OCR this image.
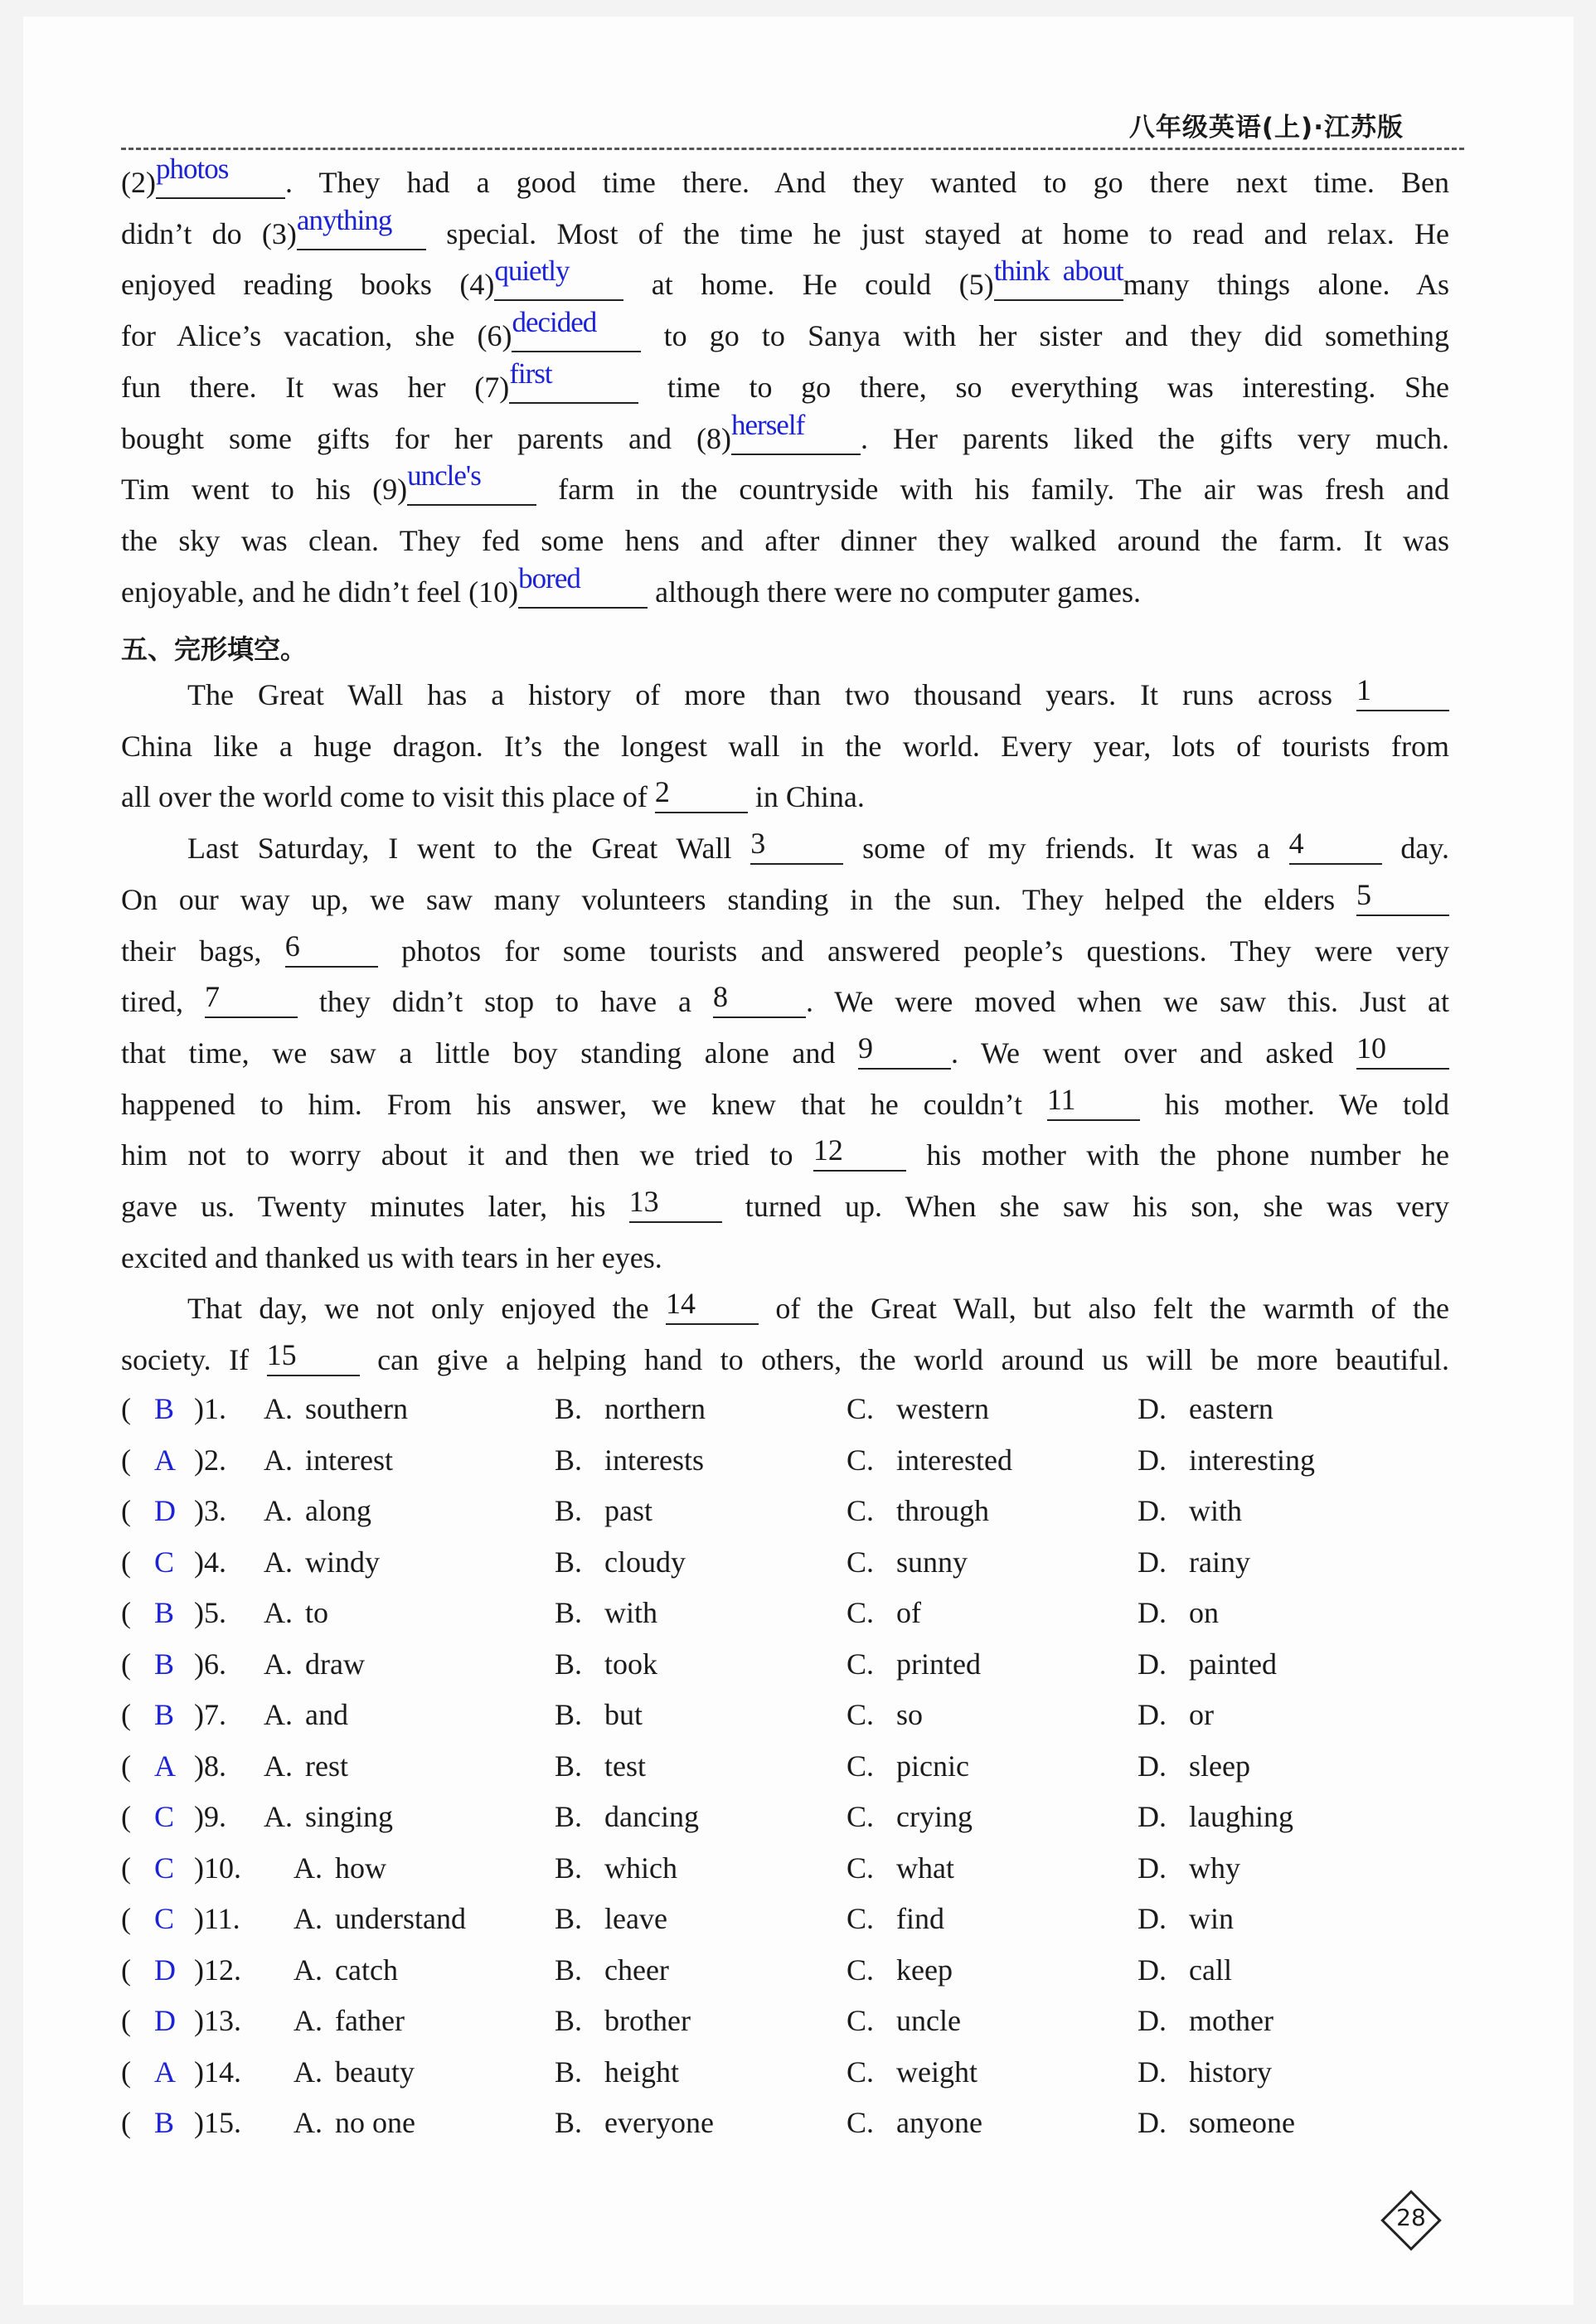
八年级英语(上)·江苏版
(2) photos	. They had a good time there. And they wanted to go there next time. Ben
didn’t do (3) anything	special. Most of the time he just stayed at home to read and relax. He
enjoyed reading books (4) quietly	at home. He could (5) think about many things alone. As
for Alice’s vacation, she (6) decided	to go to Sanya with her sister and they did something
fun there. It was her (7) first	time to go there, so everything was interesting. She
bought some gifts for her parents and (8) herself	. Her parents liked the gifts very much.
Tim went to his (9) uncle's	farm in the countryside with his family. The air was fresh and
the sky was clean. They fed some hens and after dinner they walked around the farm. It was
enjoyable, and he didn’t feel (10) bored	although there were no computer games.
五、完形填空。
The Great Wall has a history of more than two thousand years. It runs across 1
China like a huge dragon. It’s the longest wall in the world. Every year, lots of tourists from
all over the world come to visit this place of 2	in China.
Last Saturday, I went to the Great Wall 3	some of my friends. It was a 4	day.
On our way up, we saw many volunteers standing in the sun. They helped the elders 5
their bags, 6	photos for some tourists and answered people’s questions. They were very
tired, 7	they didn’t stop to have a 8	. We were moved when we saw this. Just at
that time, we saw a little boy standing alone and 9	. We went over and asked 10
happened to him. From his answer, we knew that he couldn’t 11	his mother. We told
him not to worry about it and then we tried to 12	his mother with the phone number he
gave us. Twenty minutes later, his 13	turned up. When she saw his son, she was very
excited and thanked us with tears in her eyes.
That day, we not only enjoyed the 14	of the Great Wall, but also felt the warmth of the
society. If 15	can give a helping hand to others, the world around us will be more beautiful.
( B ) 1. A. southern	B. northern	C. western	D. eastern
( A ) 2. A. interest	B. interests	C. interested	D. interesting
( D ) 3. A. along	B. past	C. through	D. with
( C ) 4. A. windy	B. cloudy	C. sunny	D. rainy
( B ) 5. A. to	B. with	C. of	D. on
( B ) 6. A. draw	B. took	C. printed	D. painted
( B ) 7. A. and	B. but	C. so	D. or
( A ) 8. A. rest	B. test	C. picnic	D. sleep
( C ) 9. A. singing	B. dancing	C. crying	D. laughing
( C ) 10. A. how	B. which	C. what	D. why
( C ) 11. A. understand	B. leave	C. find	D. win
( D ) 12. A. catch	B. cheer	C. keep	D. call
( D ) 13. A. father	B. brother	C. uncle	D. mother
( A ) 14. A. beauty	B. height	C. weight	D. history
( B ) 15. A. no one	B. everyone	C. anyone	D. someone
28
